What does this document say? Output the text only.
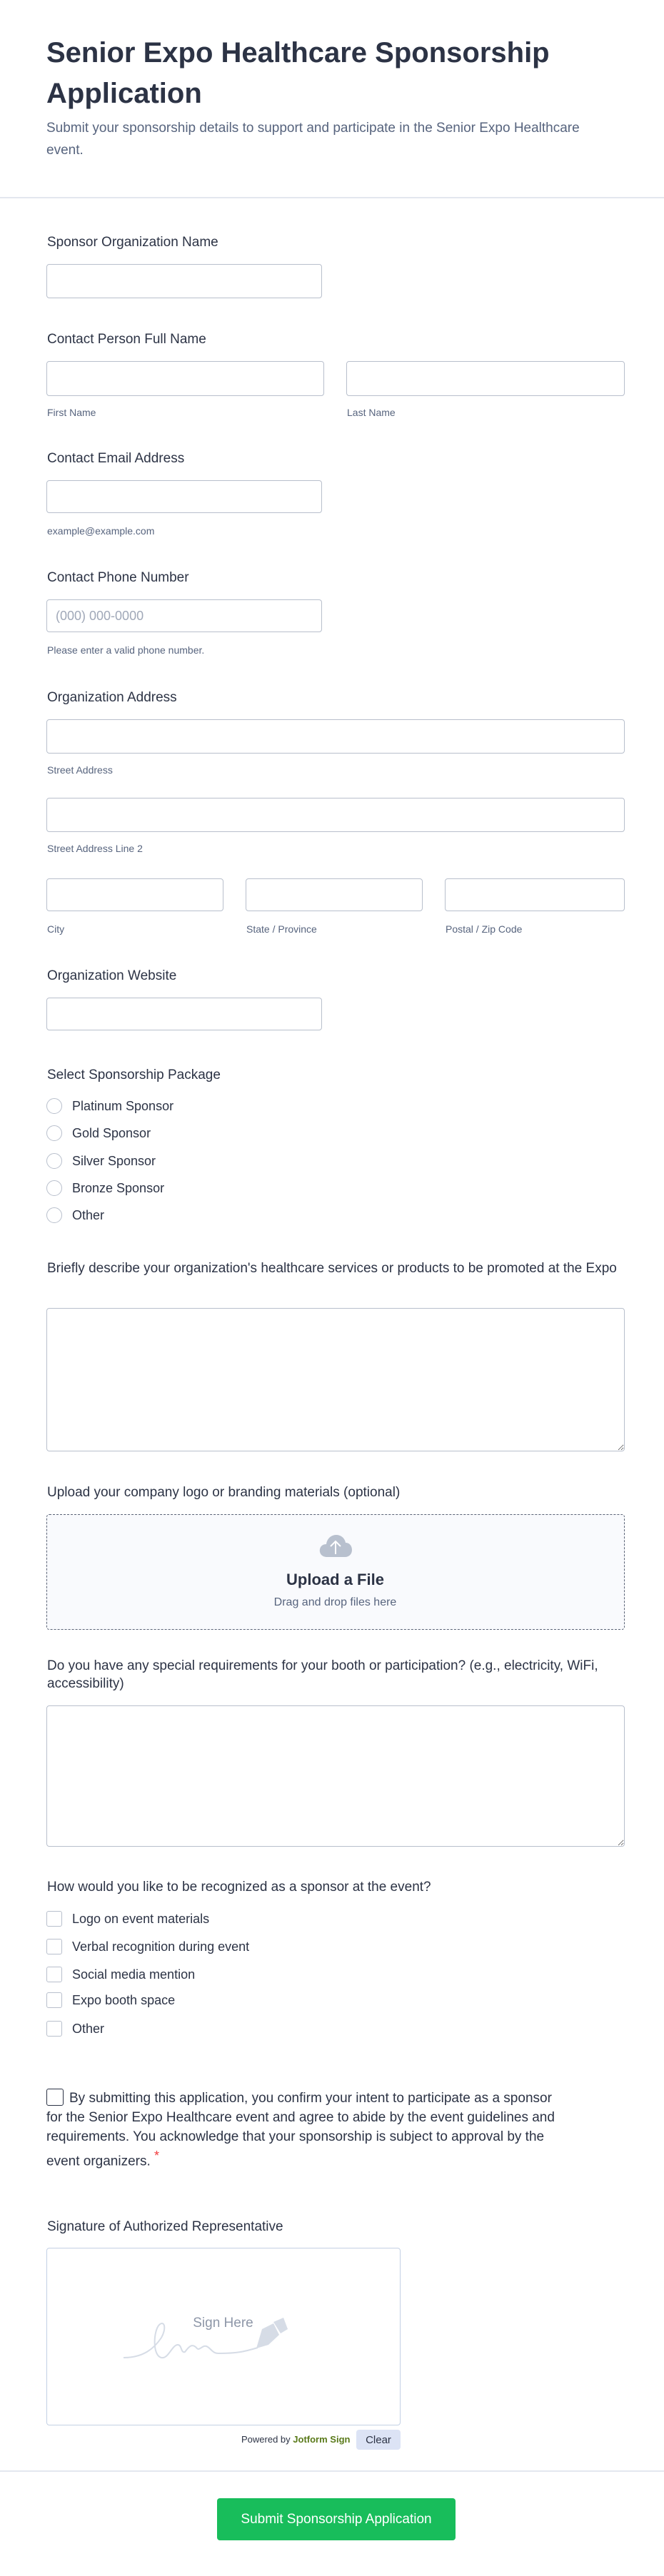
Senior Expo Healthcare Sponsorship Application
Submit your sponsorship details to support and participate in the Senior Expo Healthcare event.
Sponsor Organization Name
Contact Person Full Name
First Name	Last Name
Contact Email Address
example@example.com
Contact Phone Number
(000) 000-0000
Please enter a valid phone number.
Organization Address
Street Address
Street Address Line 2
City	State / Province	Postal / Zip Code
Organization Website
Select Sponsorship Package
Platinum Sponsor
Gold Sponsor
Silver Sponsor
Bronze Sponsor
Other
Briefly describe your organization's healthcare services or products to be promoted at the Expo
Upload your company logo or branding materials (optional)
Upload a File
Drag and drop files here
Do you have any special requirements for your booth or participation? (e.g., electricity, WiFi, accessibility)
How would you like to be recognized as a sponsor at the event?
Logo on event materials
Verbal recognition during event
Social media mention
Expo booth space
Other
By submitting this application, you confirm your intent to participate as a sponsor for the Senior Expo Healthcare event and agree to abide by the event guidelines and requirements. You acknowledge that your sponsorship is subject to approval by the event organizers. *
Signature of Authorized Representative
Sign Here
Powered by Jotform Sign	Clear
Submit Sponsorship Application
